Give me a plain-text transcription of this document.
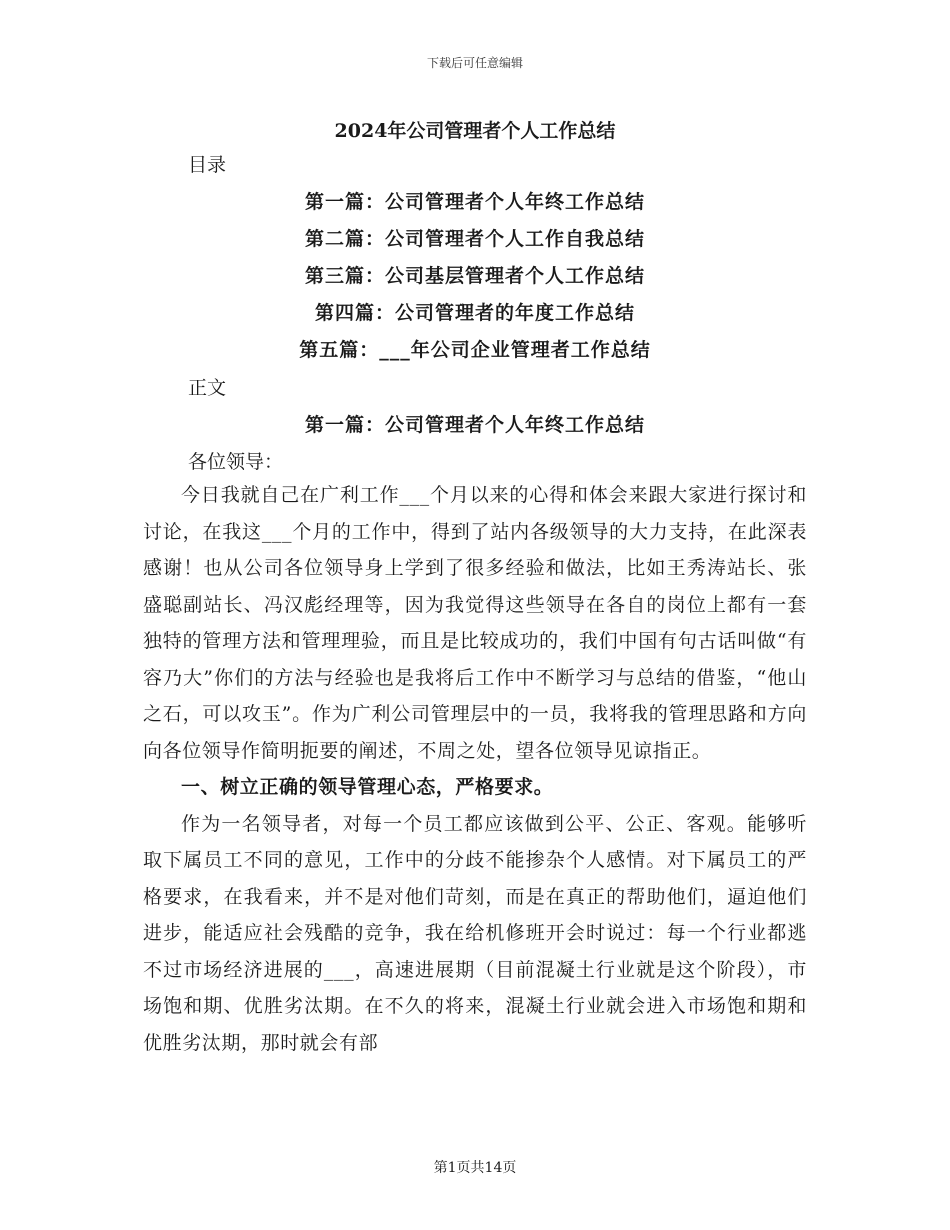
下载后可任意编辑
2024年公司管理者个人工作总结
目录
第一篇：公司管理者个人年终工作总结
第二篇：公司管理者个人工作自我总结
第三篇：公司基层管理者个人工作总结
第四篇：公司管理者的年度工作总结
第五篇：___年公司企业管理者工作总结
正文
第一篇：公司管理者个人年终工作总结
各位领导：

今日我就自己在广利工作___个月以来的心得和体会来跟大家进行探讨和讨论，在我这___个月的工作中，得到了站内各级领导的大力支持，在此深表感谢！也从公司各位领导身上学到了很多经验和做法，比如王秀涛站长、张盛聪副站长、冯汉彪经理等，因为我觉得这些领导在各自的岗位上都有一套独特的管理方法和管理理验，而且是比较成功的，我们中国有句古话叫做“有容乃大”你们的方法与经验也是我将后工作中不断学习与总结的借鉴，“他山之石，可以攻玉”。作为广利公司管理层中的一员，我将我的管理思路和方向向各位领导作简明扼要的阐述，不周之处，望各位领导见谅指正。

一、树立正确的领导管理心态，严格要求。

作为一名领导者，对每一个员工都应该做到公平、公正、客观。能够听取下属员工不同的意见，工作中的分歧不能掺杂个人感情。对下属员工的严格要求，在我看来，并不是对他们苛刻，而是在真正的帮助他们，逼迫他们进步，能适应社会残酷的竞争，我在给机修班开会时说过：每一个行业都逃不过市场经济进展的___，高速进展期（目前混凝土行业就是这个阶段），市场饱和期、优胜劣汰期。在不久的将来，混凝土行业就会进入市场饱和期和优胜劣汰期，那时就会有部

第1页共14页
